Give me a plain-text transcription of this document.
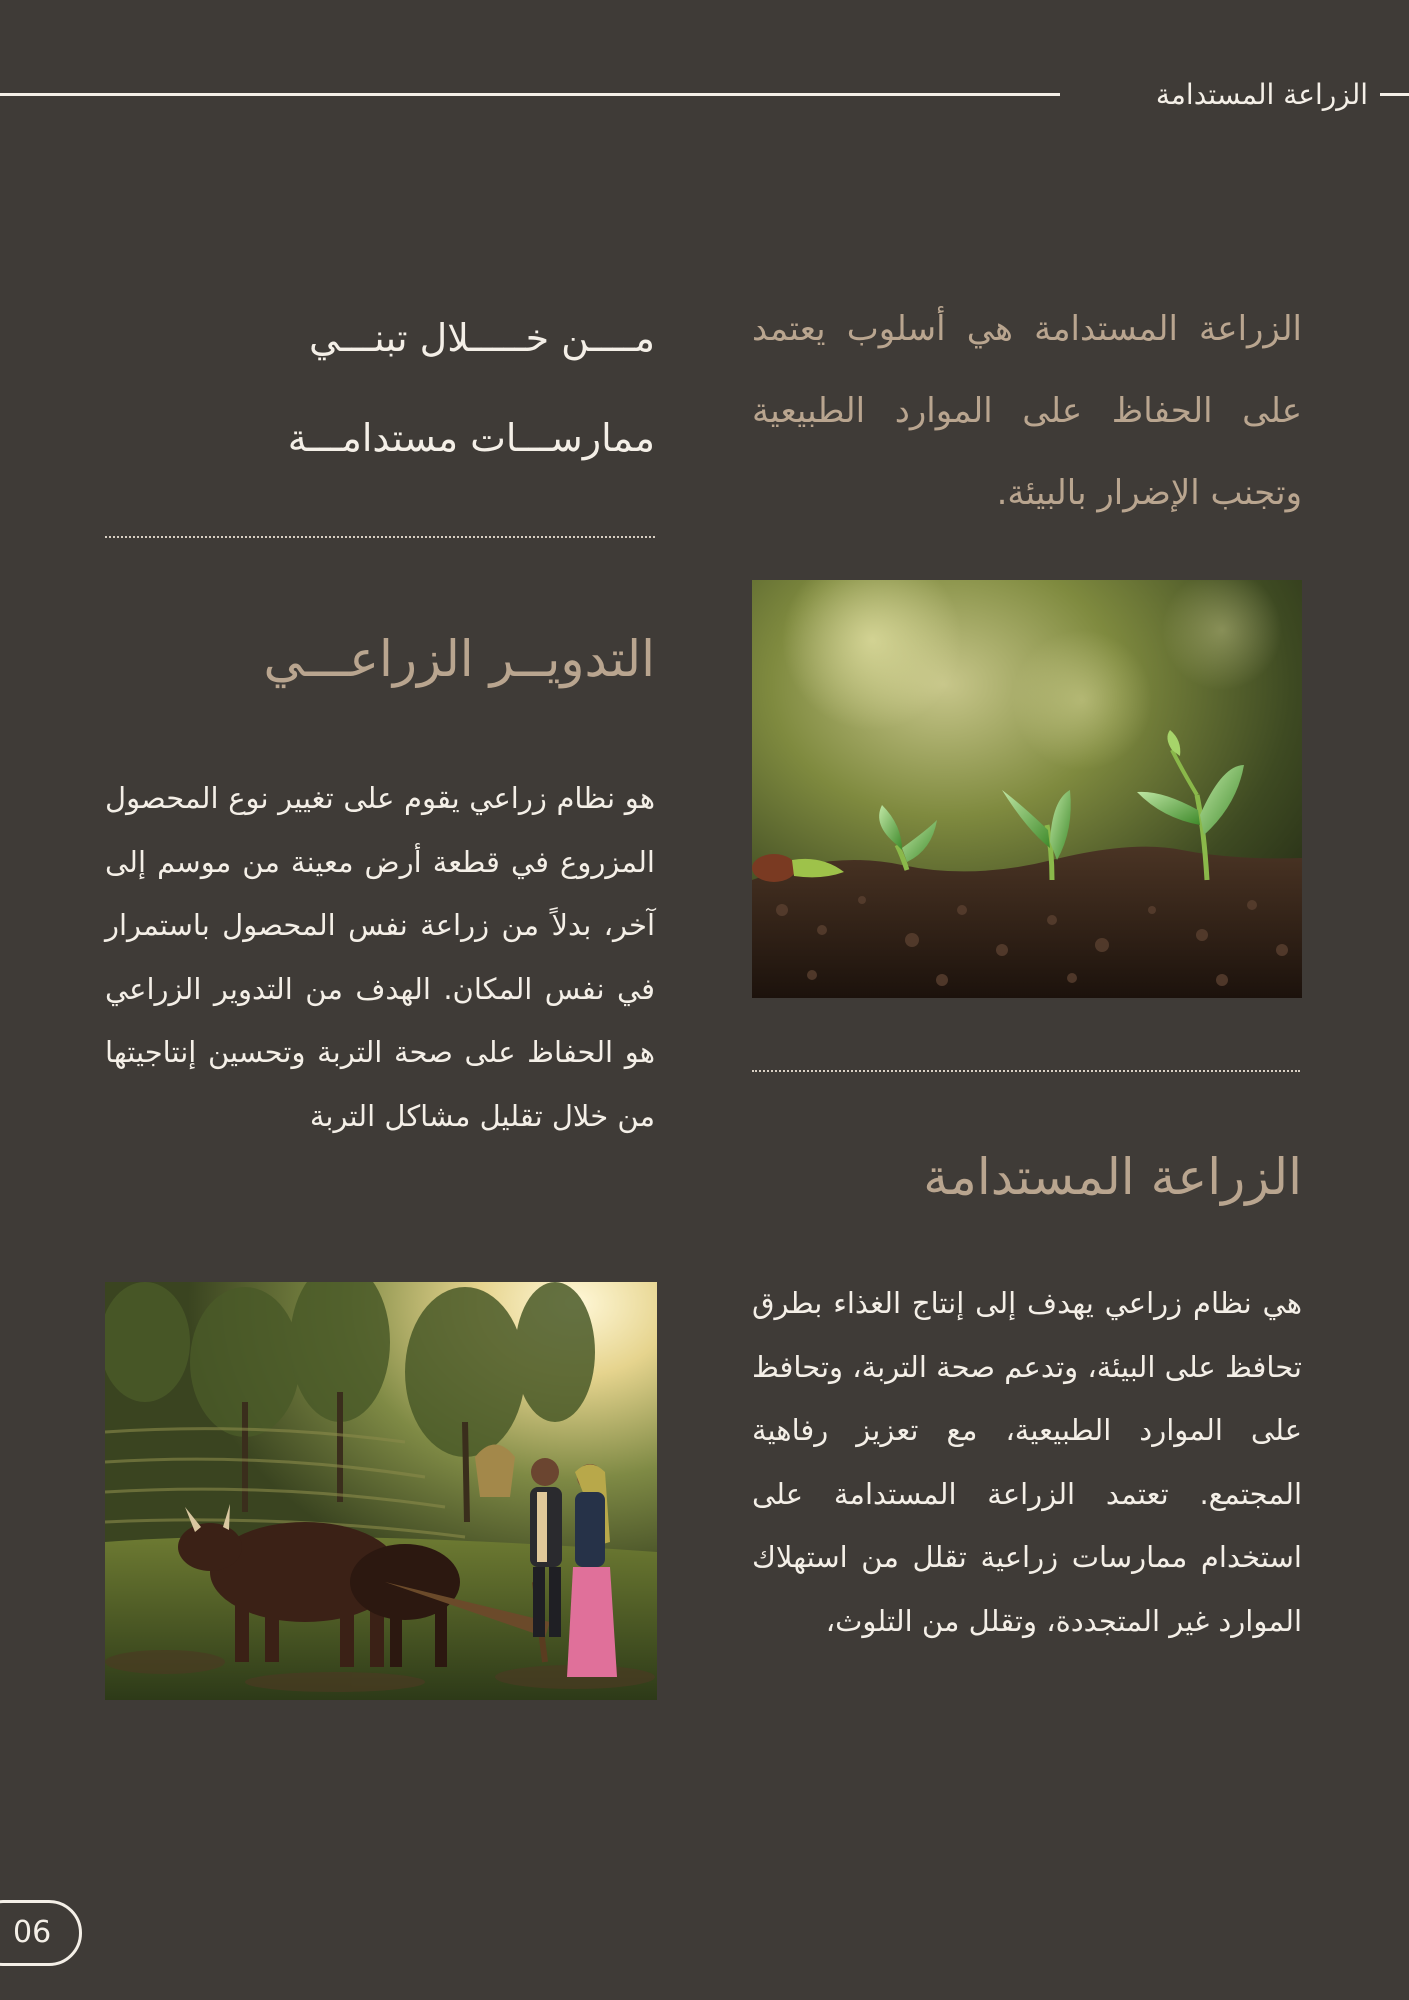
الزراعة المستدامة
الزراعة المستدامة هي أسلوب يعتمد على الحفاظ على الموارد الطبيعية وتجنب الإضرار بالبيئة.
مــــن خـــــلال تبنـــي
ممارســـات مستدامـــة
التدويــر الزراعـــي
هو نظام زراعي يقوم على تغيير نوع المحصول المزروع في قطعة أرض معينة من موسم إلى آخر، بدلاً من زراعة نفس المحصول باستمرار في نفس المكان. الهدف من التدوير الزراعي هو الحفاظ على صحة التربة وتحسين إنتاجيتها من خلال تقليل مشاكل التربة
الزراعة المستدامة
هي نظام زراعي يهدف إلى إنتاج الغذاء بطرق تحافظ على البيئة، وتدعم صحة التربة، وتحافظ على الموارد الطبيعية، مع تعزيز رفاهية المجتمع. تعتمد الزراعة المستدامة على استخدام ممارسات زراعية تقلل من استهلاك الموارد غير المتجددة، وتقلل من التلوث،
06
